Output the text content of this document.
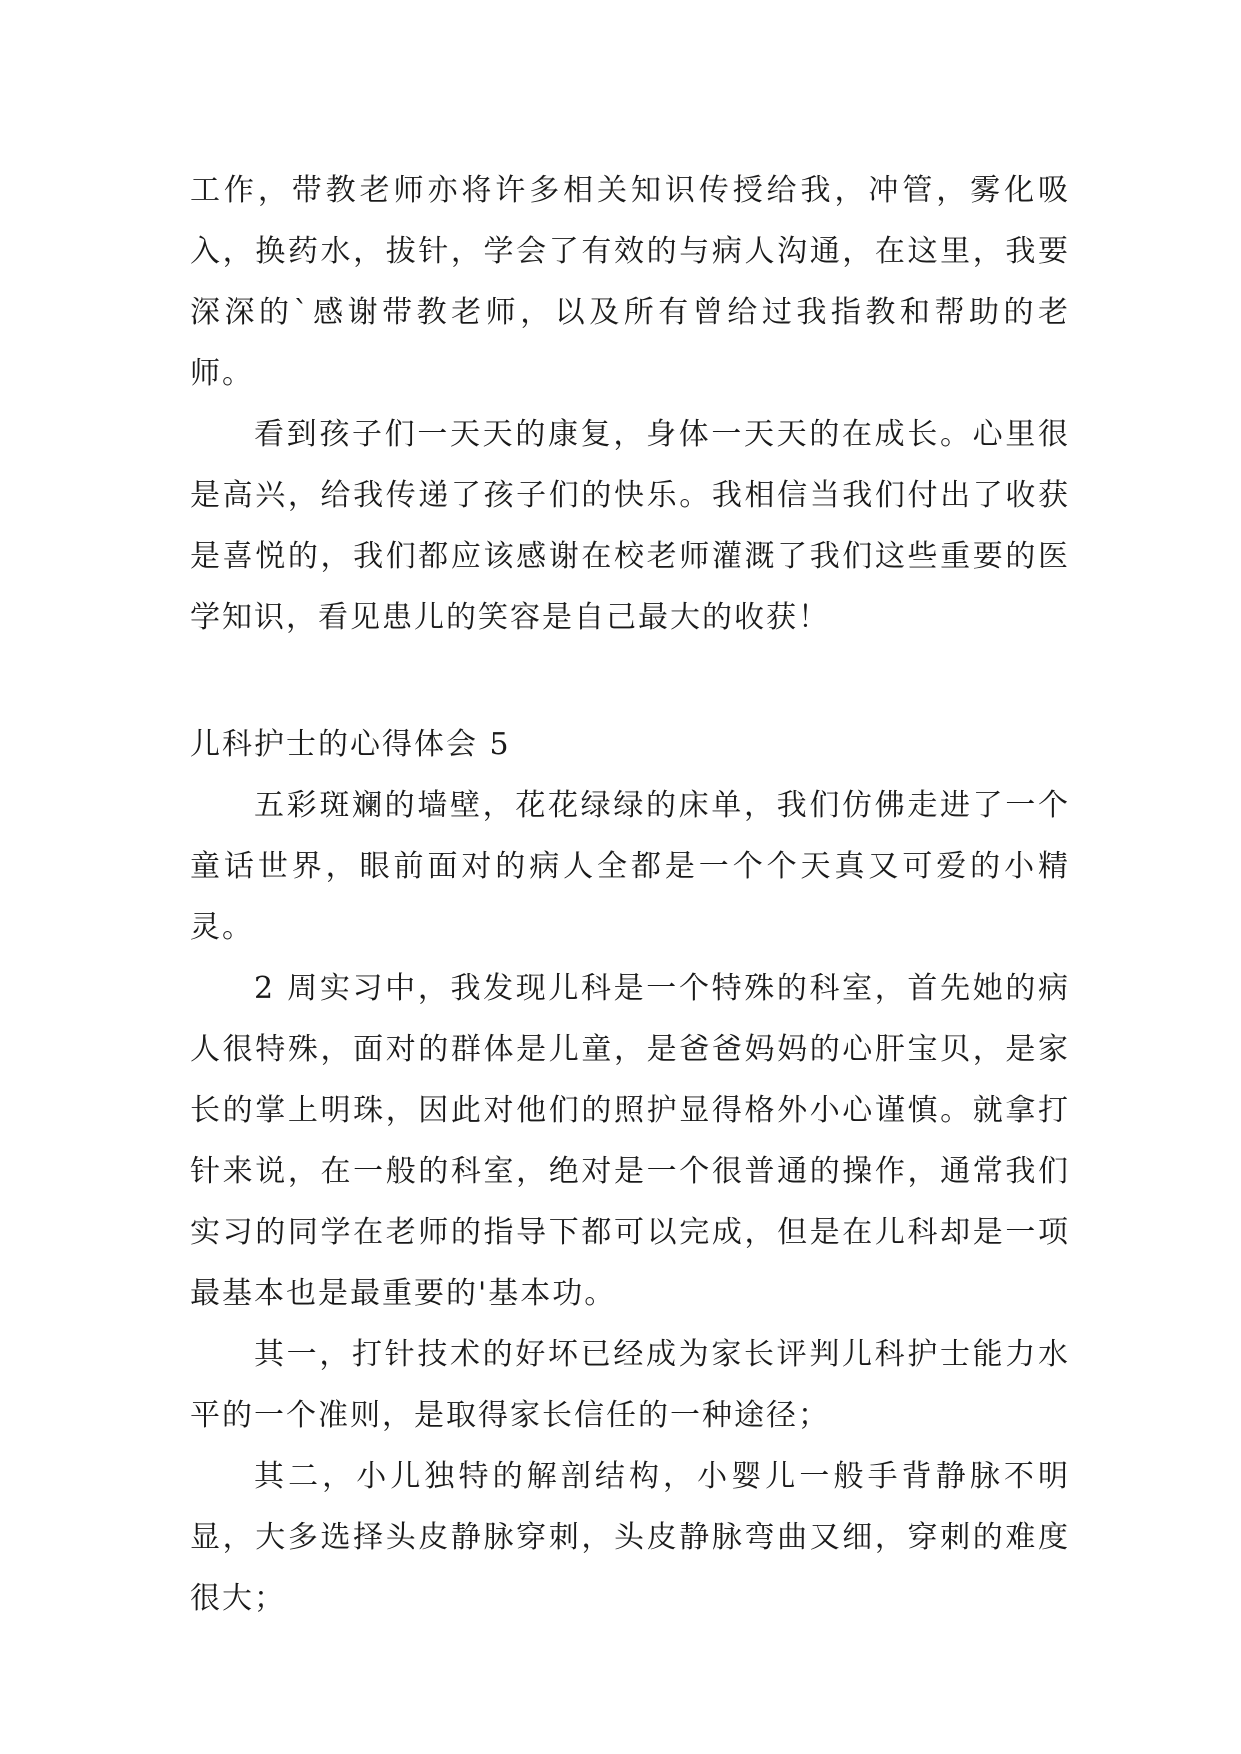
工作，带教老师亦将许多相关知识传授给我，冲管，雾化吸入，换药水，拔针，学会了有效的与病人沟通，在这里，我要深深的`感谢带教老师，以及所有曾给过我指教和帮助的老师。

看到孩子们一天天的康复，身体一天天的在成长。心里很是高兴，给我传递了孩子们的快乐。我相信当我们付出了收获是喜悦的，我们都应该感谢在校老师灌溉了我们这些重要的医学知识，看见患儿的笑容是自己最大的收获！

儿科护士的心得体会 5

五彩斑斓的墙壁，花花绿绿的床单，我们仿佛走进了一个童话世界，眼前面对的病人全都是一个个天真又可爱的小精灵。

2 周实习中，我发现儿科是一个特殊的科室，首先她的病人很特殊，面对的群体是儿童，是爸爸妈妈的心肝宝贝，是家长的掌上明珠，因此对他们的照护显得格外小心谨慎。就拿打针来说，在一般的科室，绝对是一个很普通的操作，通常我们实习的同学在老师的指导下都可以完成，但是在儿科却是一项最基本也是最重要的'基本功。

其一，打针技术的好坏已经成为家长评判儿科护士能力水平的一个准则，是取得家长信任的一种途径；

其二，小儿独特的解剖结构，小婴儿一般手背静脉不明显，大多选择头皮静脉穿刺，头皮静脉弯曲又细，穿刺的难度很大；
